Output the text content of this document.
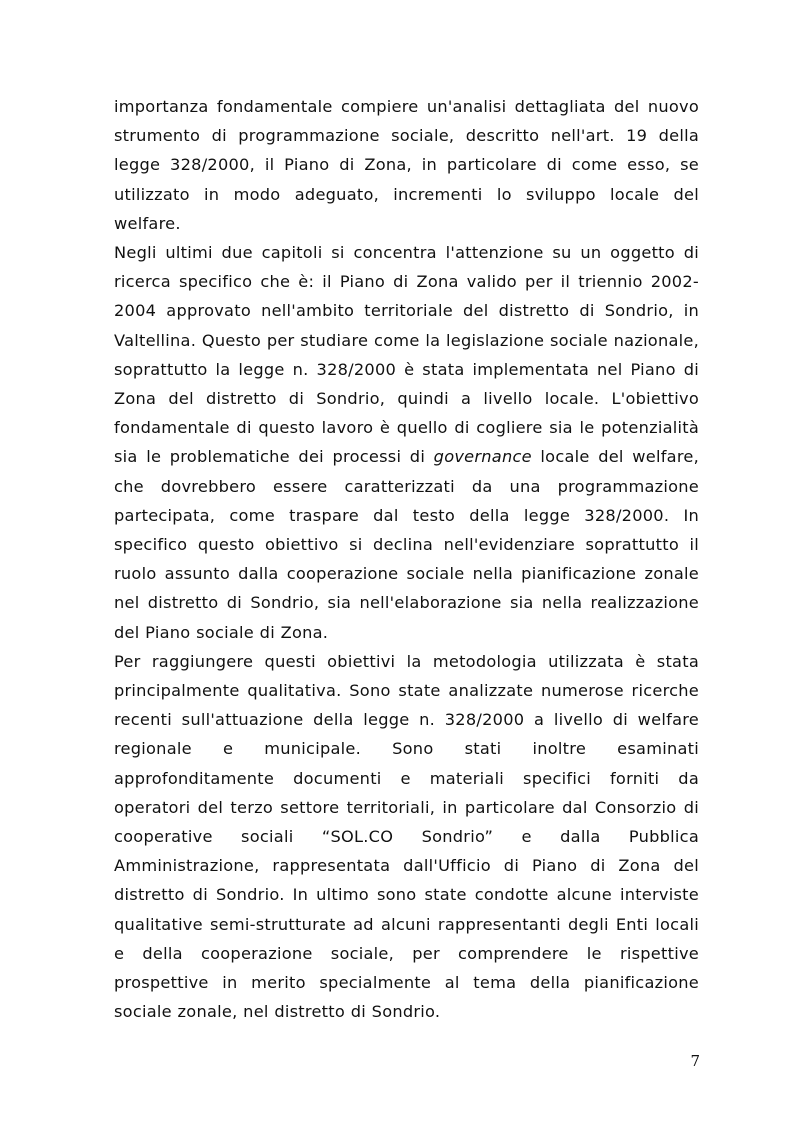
importanza fondamentale compiere un'analisi dettagliata del nuovo strumento di programmazione sociale, descritto nell'art. 19 della legge 328/2000, il Piano di Zona, in particolare di come esso, se utilizzato in modo adeguato, incrementi lo sviluppo locale del welfare.

Negli ultimi due capitoli si concentra l'attenzione su un oggetto di ricerca specifico che è: il Piano di Zona valido per il triennio 2002-2004 approvato nell'ambito territoriale del distretto di Sondrio, in Valtellina. Questo per studiare come la legislazione sociale nazionale, soprattutto la legge n. 328/2000 è stata implementata nel Piano di Zona del distretto di Sondrio, quindi a livello locale. L'obiettivo fondamentale di questo lavoro è quello di cogliere sia le potenzialità sia le problematiche dei processi di governance locale del welfare, che dovrebbero essere caratterizzati da una programmazione partecipata, come traspare dal testo della legge 328/2000. In specifico questo obiettivo si declina nell'evidenziare soprattutto il ruolo assunto dalla cooperazione sociale nella pianificazione zonale nel distretto di Sondrio, sia nell'elaborazione sia nella realizzazione del Piano sociale di Zona.

Per raggiungere questi obiettivi la metodologia utilizzata è stata principalmente qualitativa. Sono state analizzate numerose ricerche recenti sull'attuazione della legge n. 328/2000 a livello di welfare regionale e municipale. Sono stati inoltre esaminati approfonditamente documenti e materiali specifici forniti da operatori del terzo settore territoriali, in particolare dal Consorzio di cooperative sociali “SOL.CO Sondrio” e dalla Pubblica Amministrazione, rappresentata dall'Ufficio di Piano di Zona del distretto di Sondrio. In ultimo sono state condotte alcune interviste qualitative semi-strutturate ad alcuni rappresentanti degli Enti locali e della cooperazione sociale, per comprendere le rispettive prospettive in merito specialmente al tema della pianificazione sociale zonale, nel distretto di Sondrio.

7
